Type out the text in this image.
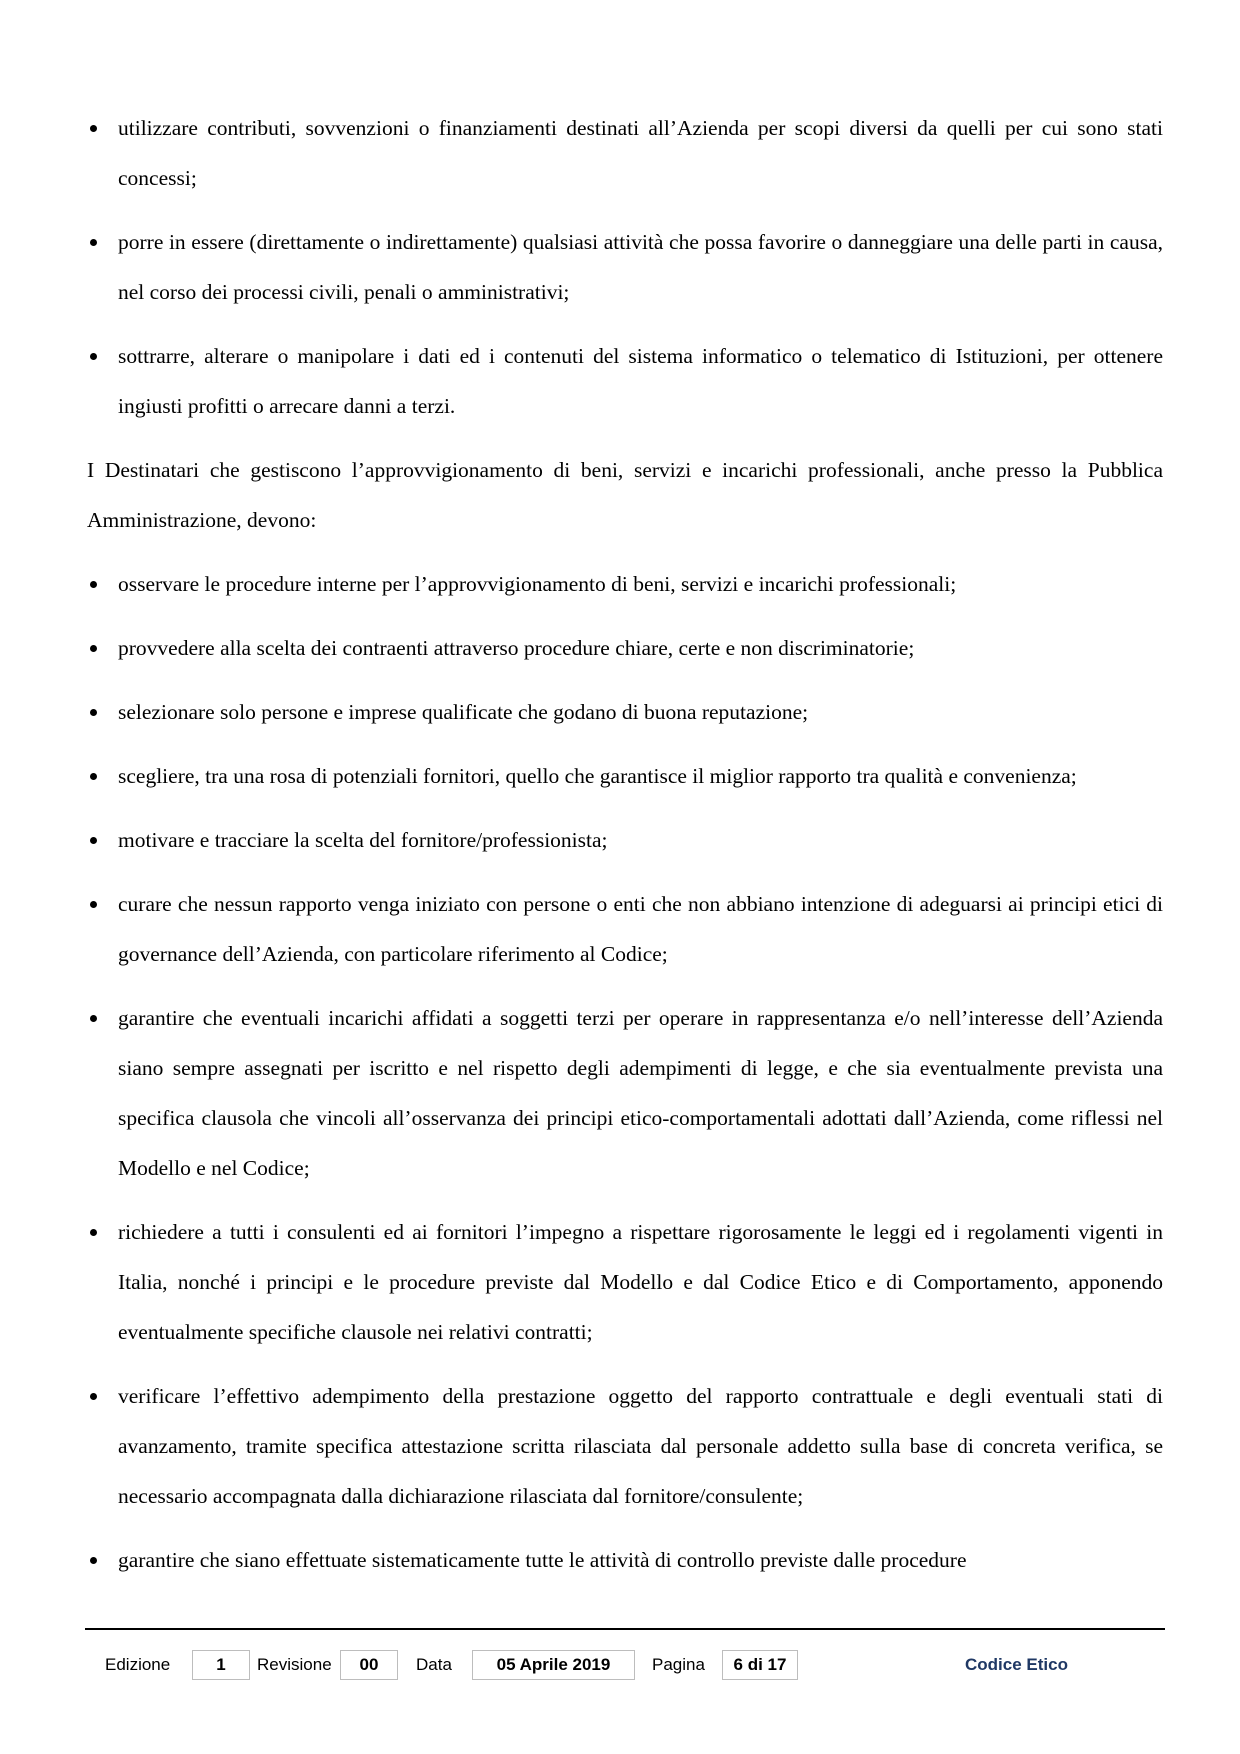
utilizzare contributi, sovvenzioni o finanziamenti destinati all’Azienda per scopi diversi da quelli per cui sono stati concessi;
porre in essere (direttamente o indirettamente) qualsiasi attività che possa favorire o danneggiare una delle parti in causa, nel corso dei processi civili, penali o amministrativi;
sottrarre, alterare o manipolare i dati ed i contenuti del sistema informatico o telematico di Istituzioni, per ottenere ingiusti profitti o arrecare danni a terzi.

I Destinatari che gestiscono l’approvvigionamento di beni, servizi e incarichi professionali, anche presso la Pubblica Amministrazione, devono:

osservare le procedure interne per l’approvvigionamento di beni, servizi e incarichi professionali;
provvedere alla scelta dei contraenti attraverso procedure chiare, certe e non discriminatorie;
selezionare solo persone e imprese qualificate che godano di buona reputazione;
scegliere, tra una rosa di potenziali fornitori, quello che garantisce il miglior rapporto tra qualità e convenienza;
motivare e tracciare la scelta del fornitore/professionista;
curare che nessun rapporto venga iniziato con persone o enti che non abbiano intenzione di adeguarsi ai principi etici di governance dell’Azienda, con particolare riferimento al Codice;
garantire che eventuali incarichi affidati a soggetti terzi per operare in rappresentanza e/o nell’interesse dell’Azienda siano sempre assegnati per iscritto e nel rispetto degli adempimenti di legge, e che sia eventualmente prevista una specifica clausola che vincoli all’osservanza dei principi etico-comportamentali adottati dall’Azienda, come riflessi nel Modello e nel Codice;
richiedere a tutti i consulenti ed ai fornitori l’impegno a rispettare rigorosamente le leggi ed i regolamenti vigenti in Italia, nonché i principi e le procedure previste dal Modello e dal Codice Etico e di Comportamento, apponendo eventualmente specifiche clausole nei relativi contratti;
verificare l’effettivo adempimento della prestazione oggetto del rapporto contrattuale e degli eventuali stati di avanzamento, tramite specifica attestazione scritta rilasciata dal personale addetto sulla base di concreta verifica, se necessario accompagnata dalla dichiarazione rilasciata dal fornitore/consulente;
garantire che siano effettuate sistematicamente tutte le attività di controllo previste dalle procedure
Edizione	1	Revisione	00	Data	05 Aprile 2019	Pagina	6 di 17	Codice Etico
